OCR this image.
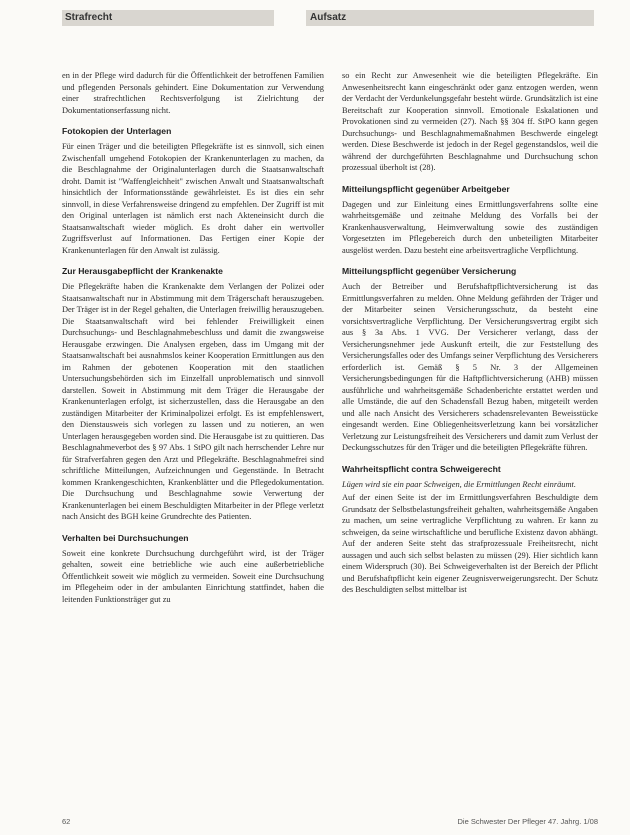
Strafrecht	Aufsatz

en in der Pflege wird dadurch für die Öffentlichkeit der betroffenen Familien und pflegenden Personals gehindert. Eine Dokumentation zur Verwendung einer strafrechtlichen Rechtsverfolgung ist Zielrichtung der Dokumentationserfassung nicht.

Fotokopien der Unterlagen

Für einen Träger und die beteiligten Pflegekräfte ist es sinnvoll, sich einen Zwischenfall umgehend Fotokopien der Krankenunterlagen zu machen, da die Beschlagnahme der Originalunterlagen durch die Staatsanwaltschaft droht. Damit ist "Waffengleichheit" zwischen Anwalt und Staatsanwaltschaft hinsichtlich der Informationsstände gewährleistet. Es ist dies ein sehr sinnvoll, in diese Verfahrensweise dringend zu empfehlen. Der Zugriff ist mit den Original unterlagen ist nämlich erst nach Akteneinsicht durch die Staatsanwaltschaft wieder möglich. Es droht daher ein wertvoller Zugriffsverlust auf Informationen. Das Fertigen einer Kopie der Krankenunterlagen für den Anwalt ist zulässig.

Zur Herausgabepflicht der Krankenakte

Die Pflegekräfte haben die Krankenakte dem Verlangen der Polizei oder Staatsanwaltschaft nur in Abstimmung mit dem Trägerschaft herauszugeben. Der Träger ist in der Regel gehalten, die Unterlagen freiwillig herauszugeben. Die Staatsanwaltschaft wird bei fehlender Freiwilligkeit einen Durchsuchungs- und Beschlagnahmebeschluss und damit die zwangsweise Herausgabe erzwingen. Die Analysen ergeben, dass im Umgang mit der Staatsanwaltschaft bei ausnahmslos keiner Kooperation Ermittlungen aus den im Rahmen der gebotenen Kooperation mit den staatlichen Untersuchungsbehörden sich im Einzelfall unproblematisch und sinnvoll darstellen. Soweit in Abstimmung mit dem Träger die Herausgabe der Krankenunterlagen erfolgt, ist sicherzustellen, dass die Herausgabe an den zuständigen Mitarbeiter der Kriminalpolizei erfolgt. Es ist empfehlenswert, den Dienstausweis sich vorlegen zu lassen und zu notieren, an wen Unterlagen herausgegeben worden sind. Die Herausgabe ist zu quittieren. Das Beschlagnahmeverbot des § 97 Abs. 1 StPO gilt nach herrschender Lehre nur für Strafverfahren gegen den Arzt und Pflegekräfte. Beschlagnahmefrei sind schriftliche Mitteilungen, Aufzeichnungen und Gegenstände. In Betracht kommen Krankengeschichten, Krankenblätter und die Pflegedokumentation. Die Durchsuchung und Beschlagnahme sowie Verwertung der Krankenunterlagen bei einem Beschuldigten Mitarbeiter in der Pflege verletzt nach Ansicht des BGH keine Grundrechte des Patienten.

Verhalten bei Durchsuchungen

Soweit eine konkrete Durchsuchung durchgeführt wird, ist der Träger gehalten, soweit eine betriebliche wie auch eine außerbetriebliche Öffentlichkeit soweit wie möglich zu vermeiden. Soweit eine Durchsuchung im Pflegeheim oder in der ambulanten Einrichtung stattfindet, haben die leitenden Funktionsträger gut zu

so ein Recht zur Anwesenheit wie die beteiligten Pflegekräfte. Ein Anwesenheitsrecht kann eingeschränkt oder ganz entzogen werden, wenn der Verdacht der Verdunkelungsgefahr besteht würde. Grundsätzlich ist eine Bereitschaft zur Kooperation sinnvoll. Emotionale Eskalationen und Provokationen sind zu vermeiden (27). Nach §§ 304 ff. StPO kann gegen Durchsuchungs- und Beschlagnahmemaßnahmen Beschwerde eingelegt werden. Diese Beschwerde ist jedoch in der Regel gegenstandslos, weil die während der durchgeführten Beschlagnahme und Durchsuchung schon prozessual überholt ist (28).

Mitteilungspflicht gegenüber Arbeitgeber

Dagegen und zur Einleitung eines Ermittlungsverfahrens sollte eine wahrheitsgemäße und zeitnahe Meldung des Vorfalls bei der Krankenhausverwaltung, Heimverwaltung sowie des zuständigen Vorgesetzten im Pflegebereich durch den unbeteiligten Mitarbeiter ausgelöst werden. Dazu besteht eine arbeitsvertragliche Verpflichtung.

Mitteilungspflicht gegenüber Versicherung

Auch der Betreiber und Berufshaftpflichtversicherung ist das Ermittlungsverfahren zu melden. Ohne Meldung gefährden der Träger und der Mitarbeiter seinen Versicherungsschutz, da besteht eine vorsichtsvertragliche Verpflichtung. Der Versicherungsvertrag ergibt sich aus § 3a Abs. 1 VVG. Der Versicherer verlangt, dass der Versicherungsnehmer jede Auskunft erteilt, die zur Feststellung des Versicherungsfalles oder des Umfangs seiner Verpflichtung des Versicherers erforderlich ist. Gemäß § 5 Nr. 3 der Allgemeinen Versicherungsbedingungen für die Haftpflichtversicherung (AHB) müssen ausführliche und wahrheitsgemäße Schadenberichte erstattet werden und alle Umstände, die auf den Schadensfall Bezug haben, mitgeteilt werden und alle nach Ansicht des Versicherers schadensrelevanten Beweisstücke eingesandt werden. Eine Obliegenheitsverletzung kann bei vorsätzlicher Verletzung zur Leistungsfreiheit des Versicherers und damit zum Verlust der Deckungsschutzes für den Träger und die beteiligten Pflegekräfte führen.

Wahrheitspflicht contra Schweigerecht

Lügen wird sie ein paar Schweigen, die Ermittlungen Recht einräumt.

Auf der einen Seite ist der im Ermittlungsverfahren Beschuldigte dem Grundsatz der Selbstbelastungsfreiheit gehalten, wahrheitsgemäße Angaben zu machen, um seine vertragliche Verpflichtung zu wahren. Er kann zu schweigen, da seine wirtschaftliche und berufliche Existenz davon abhängt. Auf der anderen Seite steht das strafprozessuale Freiheitsrecht, nicht aussagen und auch sich selbst belasten zu müssen (29). Hier sichtlich kann einem Widerspruch (30). Bei Schweigeverhalten ist der Bereich der Pflicht und Berufshaftpflicht kein eigener Zeugnisverweigerungsrecht. Der Schutz des Beschuldigten selbst mittelbar ist

62	Die Schwester Der Pfleger 47. Jahrg. 1/08
